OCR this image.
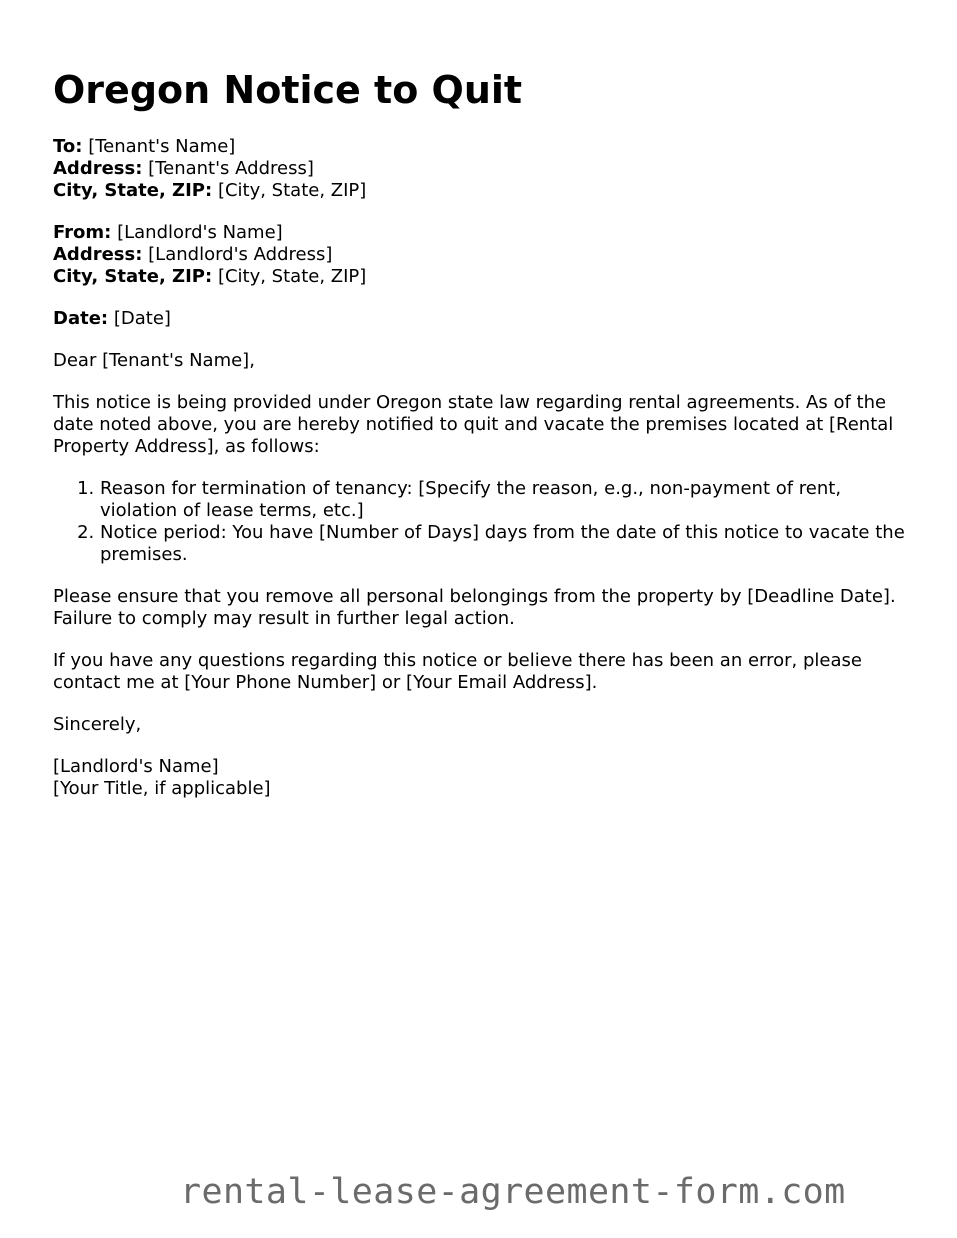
Oregon Notice to Quit
To: [Tenant's Name]
Address: [Tenant's Address]
City, State, ZIP: [City, State, ZIP]
From: [Landlord's Name]
Address: [Landlord's Address]
City, State, ZIP: [City, State, ZIP]
Date: [Date]

Dear [Tenant's Name],

This notice is being provided under Oregon state law regarding rental agreements. As of the date noted above, you are hereby notified to quit and vacate the premises located at [Rental Property Address], as follows:

1. Reason for termination of tenancy: [Specify the reason, e.g., non-payment of rent, violation of lease terms, etc.]
2. Notice period: You have [Number of Days] days from the date of this notice to vacate the premises.

Please ensure that you remove all personal belongings from the property by [Deadline Date]. Failure to comply may result in further legal action.

If you have any questions regarding this notice or believe there has been an error, please contact me at [Your Phone Number] or [Your Email Address].

Sincerely,

[Landlord's Name]
[Your Title, if applicable]
rental-lease-agreement-form.com
